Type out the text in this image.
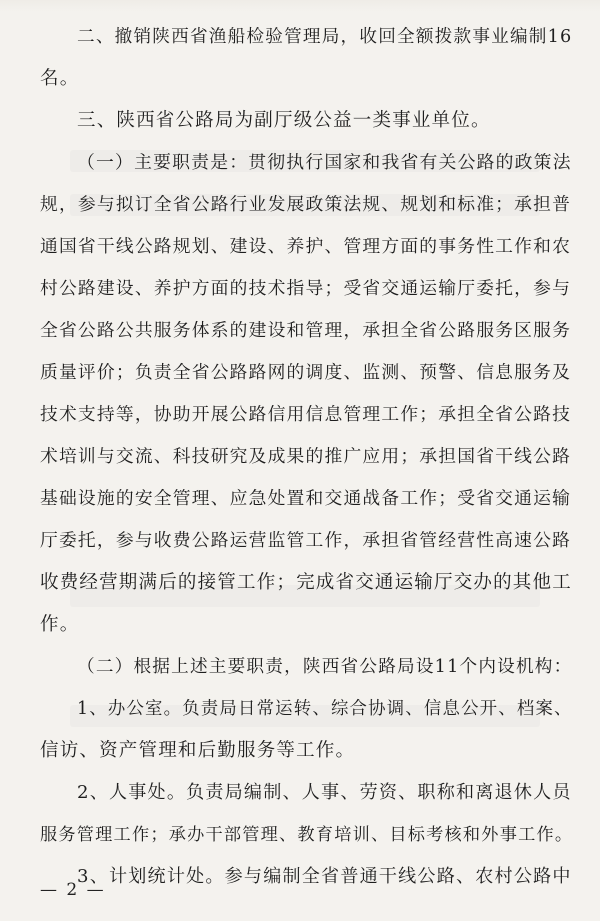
二、撤销陕西省渔船检验管理局，收回全额拨款事业编制16
名。
三、陕西省公路局为副厅级公益一类事业单位。
（一）主要职责是：贯彻执行国家和我省有关公路的政策法
规，参与拟订全省公路行业发展政策法规、规划和标准；承担普
通国省干线公路规划、建设、养护、管理方面的事务性工作和农
村公路建设、养护方面的技术指导；受省交通运输厅委托，参与
全省公路公共服务体系的建设和管理，承担全省公路服务区服务
质量评价；负责全省公路路网的调度、监测、预警、信息服务及
技术支持等，协助开展公路信用信息管理工作；承担全省公路技
术培训与交流、科技研究及成果的推广应用；承担国省干线公路
基础设施的安全管理、应急处置和交通战备工作；受省交通运输
厅委托，参与收费公路运营监管工作，承担省管经营性高速公路
收费经营期满后的接管工作；完成省交通运输厅交办的其他工
作。
（二）根据上述主要职责，陕西省公路局设11个内设机构：
1、办公室。负责局日常运转、综合协调、信息公开、档案、
信访、资产管理和后勤服务等工作。
2、人事处。负责局编制、人事、劳资、职称和离退休人员
服务管理工作；承办干部管理、教育培训、目标考核和外事工作。
3、计划统计处。参与编制全省普通干线公路、农村公路中
— 2 —
